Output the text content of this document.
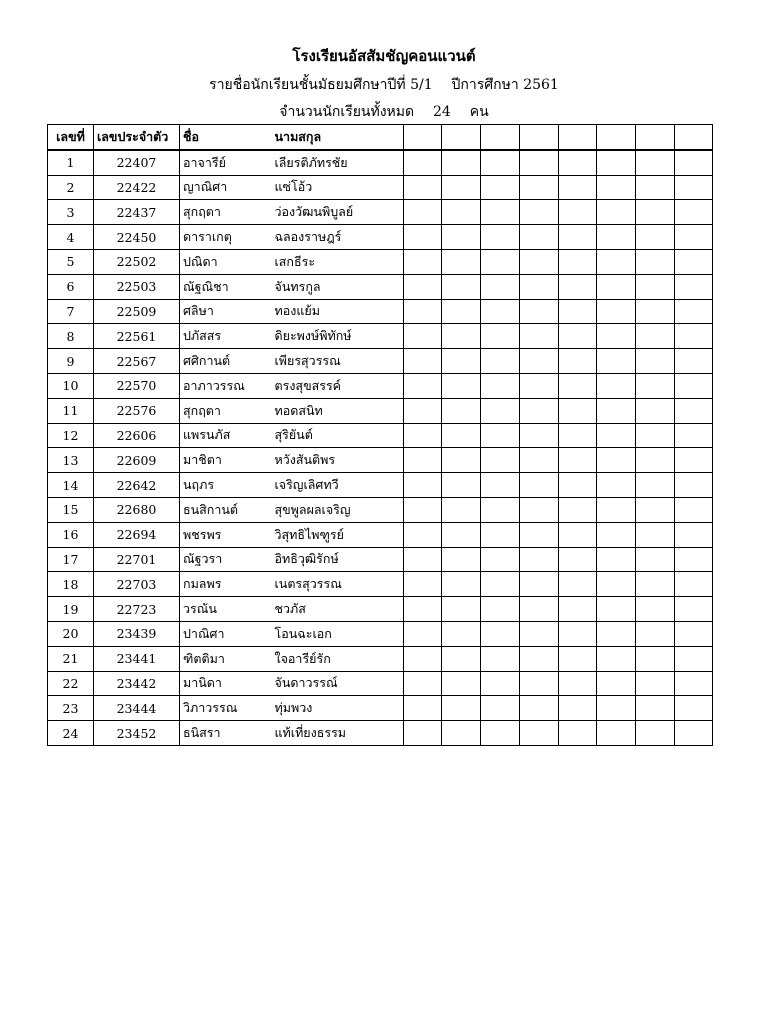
โรงเรียนอัสสัมชัญคอนแวนต์
รายชื่อนักเรียนชั้นมัธยมศึกษาปีที่ 5/1 ปีการศึกษา 2561
จำนวนนักเรียนทั้งหมด 24 คน
เลขที่	เลขประจำตัว	ชื่อ	นามสกุล								
1	22407	อาจารีย์	เลียรติภัทรชัย								
2	22422	ญาณิศา	แซ่โอ้ว								
3	22437	สุกฤตา	ว่องวัฒนพิบูลย์								
4	22450	ดาราเกตุ	ฉลองราษฎร์								
5	22502	ปณิดา	เสกธีระ								
6	22503	ณัฐณิชา	จันทรกูล								
7	22509	ศลิษา	ทองแย้ม								
8	22561	ปภัสสร	ดิยะพงษ์พิทักษ์								
9	22567	ศศิกานต์	เพียรสุวรรณ								
10	22570	อาภาวรรณ	ตรงสุขสรรค์								
11	22576	สุกฤตา	ทอดสนิท								
12	22606	แพรนภัส	สุริยันต์								
13	22609	มาชิตา	หวังสันติพร								
14	22642	นฤภร	เจริญเลิศทวี								
15	22680	ธนสิกานต์	สุขพูลผลเจริญ								
16	22694	พชรพร	วิสุทธิไพฑูรย์								
17	22701	ณัฐวรา	อิทธิวุฒิรักษ์								
18	22703	กมลพร	เนตรสุวรรณ								
19	22723	วรณัน	ชวภัส								
20	23439	ปาณิศา	โอนฉะเอก								
21	23441	ฑิตติมา	ใจอารีย์รัก								
22	23442	มานิดา	จันดาวรรณ์								
23	23444	วิภาวรรณ	ทุ่มพวง								
24	23452	ธนิสรา	แท้เที่ยงธรรม								
